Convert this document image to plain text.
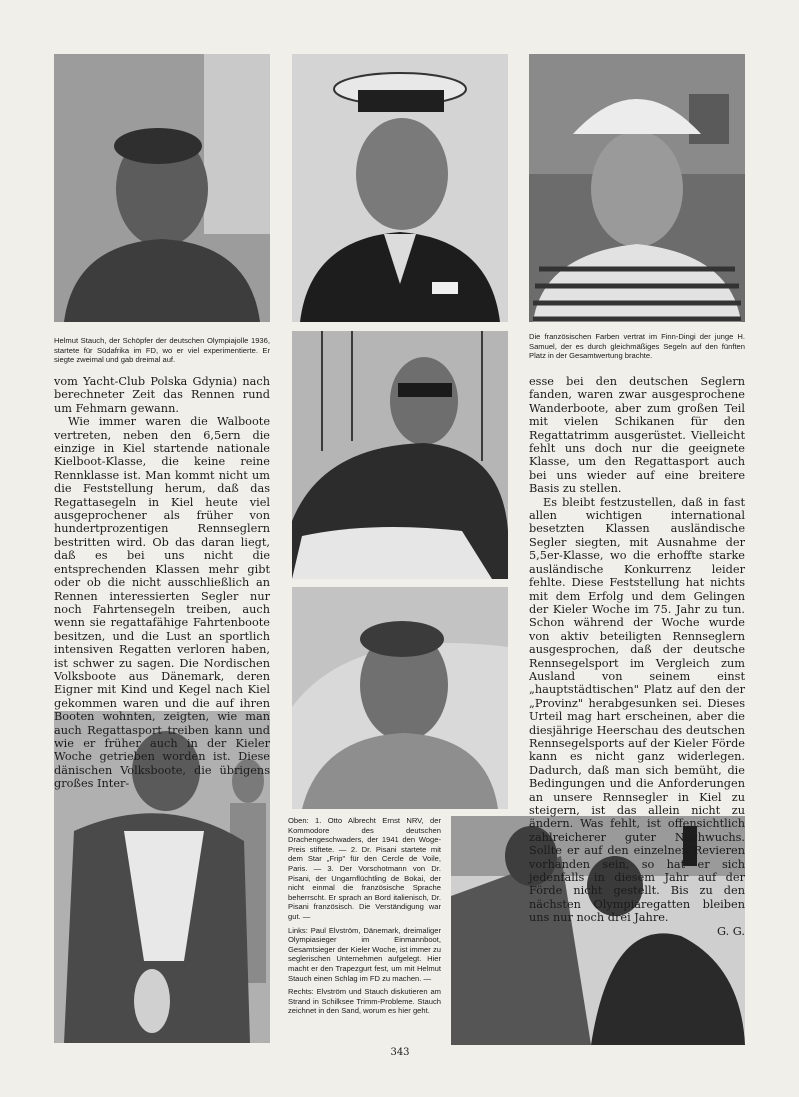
Helmut Stauch, der Schöpfer der deutschen Olympiajolle 1936, startete für Südafrika im FD, wo er viel experimentierte. Er siegte zweimal und gab dreimal auf.

Die französischen Farben vertrat im Finn-Dingi der junge H. Samuel, der es durch gleichmäßiges Segeln auf den fünften Platz in der Gesamtwertung brachte.

vom Yacht-Club Polska Gdynia) nach berechneter Zeit das Rennen rund um Fehmarn gewann.

Wie immer waren die Walboote vertreten, neben den 6,5ern die einzige in Kiel startende nationale Kielboot-Klasse, die keine reine Rennklasse ist. Man kommt nicht um die Feststellung herum, daß das Regattasegeln in Kiel heute viel ausgeprochener als früher von hundertprozentigen Rennseglern bestritten wird. Ob das daran liegt, daß es bei uns nicht die entsprechenden Klassen mehr gibt oder ob die nicht ausschließlich an Rennen interessierten Segler nur noch Fahrtensegeln treiben, auch wenn sie regattafähige Fahrtenboote besitzen, und die Lust an sportlich intensiven Regatten verloren haben, ist schwer zu sagen. Die Nordischen Volksboote aus Dänemark, deren Eigner mit Kind und Kegel nach Kiel gekommen waren und die auf ihren Booten wohnten, zeigten, wie man auch Regattasport treiben kann und wie er früher auch in der Kieler Woche getrieben worden ist. Diese dänischen Volksboote, die übrigens großes Inter-

esse bei den deutschen Seglern fanden, waren zwar ausgesprochene Wanderboote, aber zum großen Teil mit vielen Schikanen für den Regattatrimm ausgerüstet. Vielleicht fehlt uns doch nur die geeignete Klasse, um den Regattasport auch bei uns wieder auf eine breitere Basis zu stellen.

Es bleibt festzustellen, daß in fast allen wichtigen international besetzten Klassen ausländische Segler siegten, mit Ausnahme der 5,5er-Klasse, wo die erhoffte starke ausländische Konkurrenz leider fehlte. Diese Feststellung hat nichts mit dem Erfolg und dem Gelingen der Kieler Woche im 75. Jahr zu tun. Schon während der Woche wurde von aktiv beteiligten Rennseglern ausgesprochen, daß der deutsche Rennsegelsport im Vergleich zum Ausland von seinem einst „hauptstädtischen" Platz auf den der „Provinz" herabgesunken sei. Dieses Urteil mag hart erscheinen, aber die diesjährige Heerschau des deutschen Rennsegelsports auf der Kieler Förde kann es nicht ganz widerlegen. Dadurch, daß man sich bemüht, die Bedingungen und die Anforderungen an unsere Rennsegler in Kiel zu steigern, ist das allein nicht zu ändern. Was fehlt, ist offensichtlich zahlreicherer guter Nachwuchs. Sollte er auf den einzelnen Revieren vorhanden sein, so hat er sich jedenfalls in diesem Jahr auf der Förde nicht gestellt. Bis zu den nächsten Olympiaregatten bleiben uns nur noch drei Jahre.

G. G.

Oben: 1. Otto Albrecht Ernst NRV, der Kommodore des deutschen Drachengeschwaders, der 1941 den Woge-Preis stiftete. — 2. Dr. Pisani startete mit dem Star „Frip" für den Cercle de Voile, Paris. — 3. Der Vorschotmann von Dr. Pisani, der Ungarnflüchtling de Bokai, der nicht einmal die französische Sprache beherrscht. Er sprach an Bord italienisch, Dr. Pisani französisch. Die Verständigung war gut. —

Links: Paul Elvström, Dänemark, dreimaliger Olympiasieger im Einmannboot, Gesamtsieger der Kieler Woche, ist immer zu seglerischen Unternehmen aufgelegt. Hier macht er den Trapezgurt fest, um mit Helmut Stauch einen Schlag im FD zu machen. —

Rechts: Elvström und Stauch diskutieren am Strand in Schilksee Trimm-Probleme. Stauch zeichnet in den Sand, worum es hier geht.

343
